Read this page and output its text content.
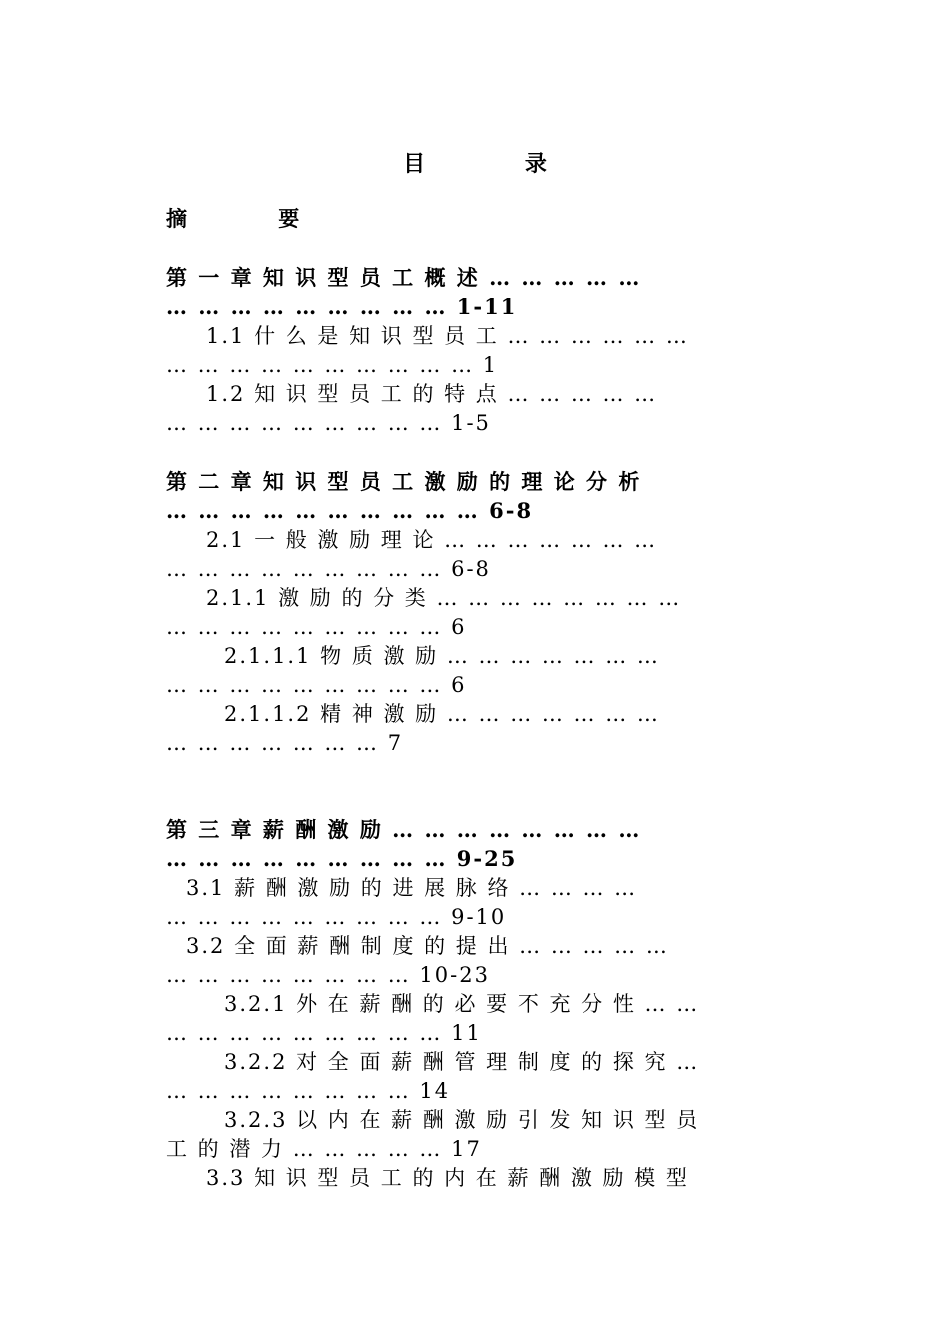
目 录
摘 要
第 一 章 知 识 型 员 工 概 述 … … … … …
… … … … … … … … … 1-11
1.1 什 么 是 知 识 型 员 工 … … … … … …
… … … … … … … … … … 1
1.2 知 识 型 员 工 的 特 点 … … … … …
… … … … … … … … … 1-5
第 二 章 知 识 型 员 工 激 励 的 理 论 分 析
… … … … … … … … … … 6-8
2.1 一 般 激 励 理 论 … … … … … … …
… … … … … … … … … 6-8
2.1.1 激 励 的 分 类 … … … … … … … …
… … … … … … … … … 6
2.1.1.1 物 质 激 励 … … … … … … …
… … … … … … … … … 6
2.1.1.2 精 神 激 励 … … … … … … …
… … … … … … … 7
第 三 章 薪 酬 激 励 … … … … … … … …
… … … … … … … … … 9-25
3.1 薪 酬 激 励 的 进 展 脉 络 … … … …
… … … … … … … … … 9-10
3.2 全 面 薪 酬 制 度 的 提 出 … … … … …
… … … … … … … … 10-23
3.2.1 外 在 薪 酬 的 必 要 不 充 分 性 … …
… … … … … … … … … 11
3.2.2 对 全 面 薪 酬 管 理 制 度 的 探 究 …
… … … … … … … … 14
3.2.3 以 内 在 薪 酬 激 励 引 发 知 识 型 员
工 的 潜 力 … … … … … 17
3.3 知 识 型 员 工 的 内 在 薪 酬 激 励 模 型
